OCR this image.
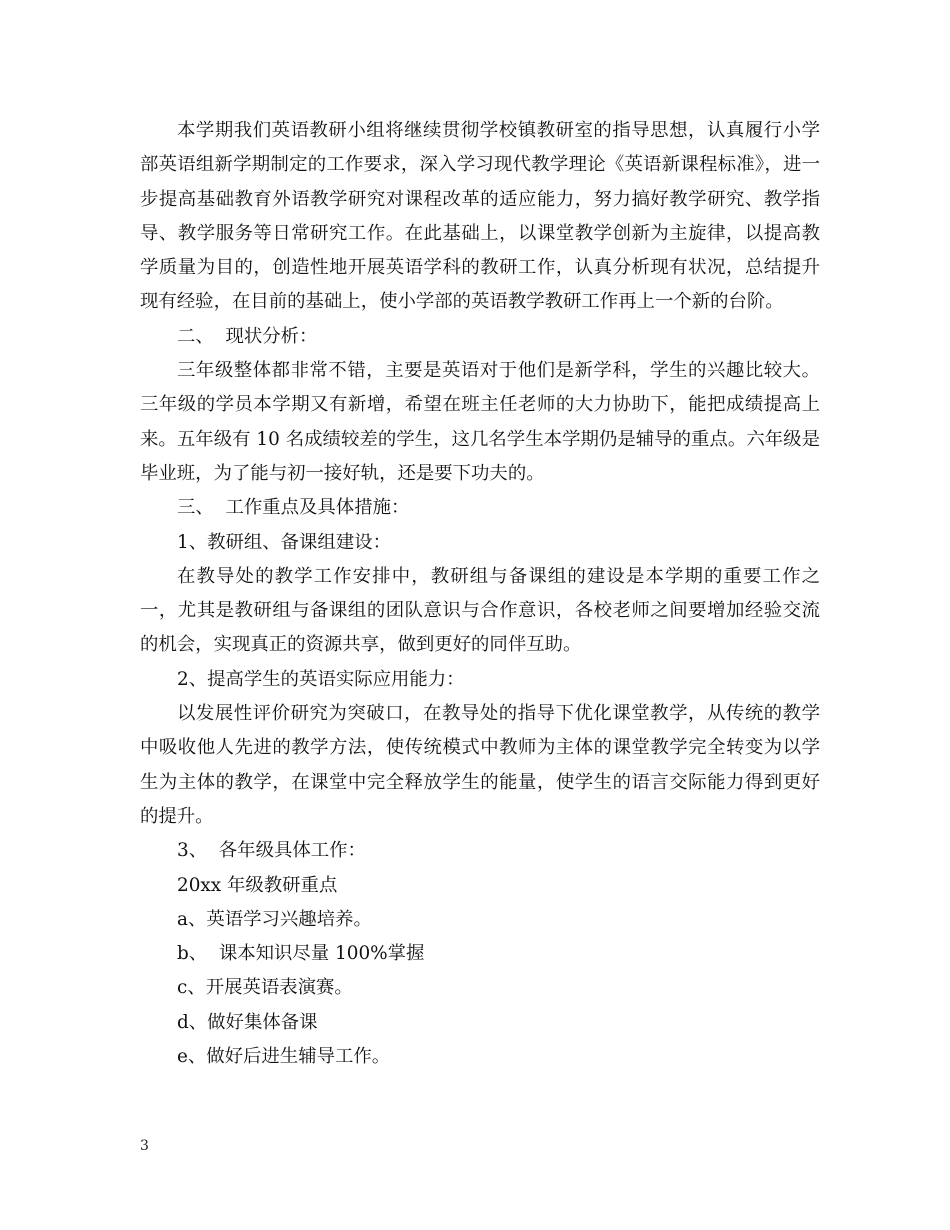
本学期我们英语教研小组将继续贯彻学校镇教研室的指导思想，认真履行小学部英语组新学期制定的工作要求，深入学习现代教学理论《英语新课程标准》，进一步提高基础教育外语教学研究对课程改革的适应能力，努力搞好教学研究、教学指导、教学服务等日常研究工作。在此基础上，以课堂教学创新为主旋律，以提高教学质量为目的，创造性地开展英语学科的教研工作，认真分析现有状况，总结提升现有经验，在目前的基础上，使小学部的英语教学教研工作再上一个新的台阶。

二、  现状分析：

三年级整体都非常不错，主要是英语对于他们是新学科，学生的兴趣比较大。三年级的学员本学期又有新增，希望在班主任老师的大力协助下，能把成绩提高上来。五年级有 10 名成绩较差的学生，这几名学生本学期仍是辅导的重点。六年级是毕业班，为了能与初一接好轨，还是要下功夫的。

三、  工作重点及具体措施：

1、教研组、备课组建设：

在教导处的教学工作安排中，教研组与备课组的建设是本学期的重要工作之一，尤其是教研组与备课组的团队意识与合作意识，各校老师之间要增加经验交流的机会，实现真正的资源共享，做到更好的同伴互助。

2、提高学生的英语实际应用能力：

以发展性评价研究为突破口，在教导处的指导下优化课堂教学，从传统的教学中吸收他人先进的教学方法，使传统模式中教师为主体的课堂教学完全转变为以学生为主体的教学，在课堂中完全释放学生的能量，使学生的语言交际能力得到更好的提升。

3、  各年级具体工作：

20xx 年级教研重点

a、英语学习兴趣培养。

b、  课本知识尽量 100%掌握

c、开展英语表演赛。

d、做好集体备课

e、做好后进生辅导工作。

3
